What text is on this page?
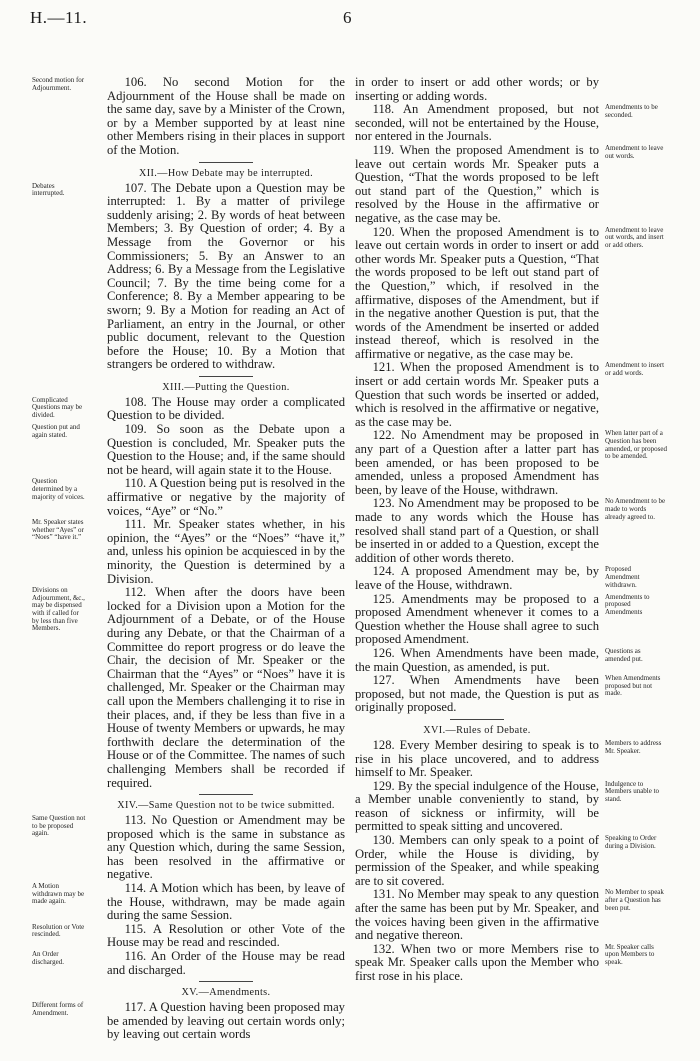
H.—11.	6

106. No second Motion for the Adjournment of the House shall be made on the same day, save by a Minister of the Crown, or by a Member supported by at least nine other Members rising in their places in support of the Motion.
Second motion for Adjournment.

XII.—How Debate may be interrupted.

107. The Debate upon a Question may be interrupted: 1. By a matter of privilege suddenly arising; 2. By words of heat between Members; 3. By Question of order; 4. By a Message from the Governor or his Commissioners; 5. By an Answer to an Address; 6. By a Message from the Legislative Council; 7. By the time being come for a Conference; 8. By a Member appearing to be sworn; 9. By a Motion for reading an Act of Parliament, an entry in the Journal, or other public document, relevant to the Question before the House; 10. By a Motion that strangers be ordered to withdraw.
Debates interrupted.

XIII.—Putting the Question.

108. The House may order a complicated Question to be divided.
Complicated Questions may be divided.

109. So soon as the Debate upon a Question is concluded, Mr. Speaker puts the Question to the House; and, if the same should not be heard, will again state it to the House.
Question put and again stated.

110. A Question being put is resolved in the affirmative or negative by the majority of voices, “Aye” or “No.”
Question determined by a majority of voices.

111. Mr. Speaker states whether, in his opinion, the “Ayes” or the “Noes” “have it,” and, unless his opinion be acquiesced in by the minority, the Question is determined by a Division.
Mr. Speaker states whether “Ayes” or “Noes” “have it.”

112. When after the doors have been locked for a Division upon a Motion for the Adjournment of a Debate, or of the House during any Debate, or that the Chairman of a Committee do report progress or do leave the Chair, the decision of Mr. Speaker or the Chairman that the “Ayes” or “Noes” have it is challenged, Mr. Speaker or the Chairman may call upon the Members challenging it to rise in their places, and, if they be less than five in a House of twenty Members or upwards, he may forthwith declare the determination of the House or of the Committee. The names of such challenging Members shall be recorded if required.
Divisions on Adjournment, &c., may be dispensed with if called for by less than five Members.

XIV.—Same Question not to be twice submitted.

113. No Question or Amendment may be proposed which is the same in substance as any Question which, during the same Session, has been resolved in the affirmative or negative.
Same Question not to be proposed again.

114. A Motion which has been, by leave of the House, withdrawn, may be made again during the same Session.
A Motion withdrawn may be made again.

115. A Resolution or other Vote of the House may be read and rescinded.
Resolution or Vote rescinded.

116. An Order of the House may be read and discharged.
An Order discharged.

XV.—Amendments.

117. A Question having been proposed may be amended by leaving out certain words only; by leaving out certain words
Different forms of Amendment.

in order to insert or add other words; or by inserting or adding words.

118. An Amendment proposed, but not seconded, will not be entertained by the House, nor entered in the Journals.
Amendments to be seconded.

119. When the proposed Amendment is to leave out certain words Mr. Speaker puts a Question, “That the words proposed to be left out stand part of the Question,” which is resolved by the House in the affirmative or negative, as the case may be.
Amendment to leave out words.

120. When the proposed Amendment is to leave out certain words in order to insert or add other words Mr. Speaker puts a Question, “That the words proposed to be left out stand part of the Question,” which, if resolved in the affirmative, disposes of the Amendment, but if in the negative another Question is put, that the words of the Amendment be inserted or added instead thereof, which is resolved in the affirmative or negative, as the case may be.
Amendment to leave out words, and insert or add others.

121. When the proposed Amendment is to insert or add certain words Mr. Speaker puts a Question that such words be inserted or added, which is resolved in the affirmative or negative, as the case may be.
Amendment to insert or add words.

122. No Amendment may be proposed in any part of a Question after a latter part has been amended, or has been proposed to be amended, unless a proposed Amendment has been, by leave of the House, withdrawn.
When latter part of a Question has been amended, or proposed to be amended.

123. No Amendment may be proposed to be made to any words which the House has resolved shall stand part of a Question, or shall be inserted in or added to a Question, except the addition of other words thereto.
No Amendment to be made to words already agreed to.

124. A proposed Amendment may be, by leave of the House, withdrawn.
Proposed Amendment withdrawn.

125. Amendments may be proposed to a proposed Amendment whenever it comes to a Question whether the House shall agree to such proposed Amendment.
Amendments to proposed Amendments

126. When Amendments have been made, the main Question, as amended, is put.
Questions as amended put.

127. When Amendments have been proposed, but not made, the Question is put as originally proposed.
When Amendments proposed but not made.

XVI.—Rules of Debate.

128. Every Member desiring to speak is to rise in his place uncovered, and to address himself to Mr. Speaker.
Members to address Mr. Speaker.

129. By the special indulgence of the House, a Member unable conveniently to stand, by reason of sickness or infirmity, will be permitted to speak sitting and uncovered.
Indulgence to Members unable to stand.

130. Members can only speak to a point of Order, while the House is dividing, by permission of the Speaker, and while speaking are to sit covered.
Speaking to Order during a Division.

131. No Member may speak to any question after the same has been put by Mr. Speaker, and the voices having been given in the affirmative and negative thereon.
No Member to speak after a Question has been put.

132. When two or more Members rise to speak Mr. Speaker calls upon the Member who first rose in his place.
Mr. Speaker calls upon Members to speak.
